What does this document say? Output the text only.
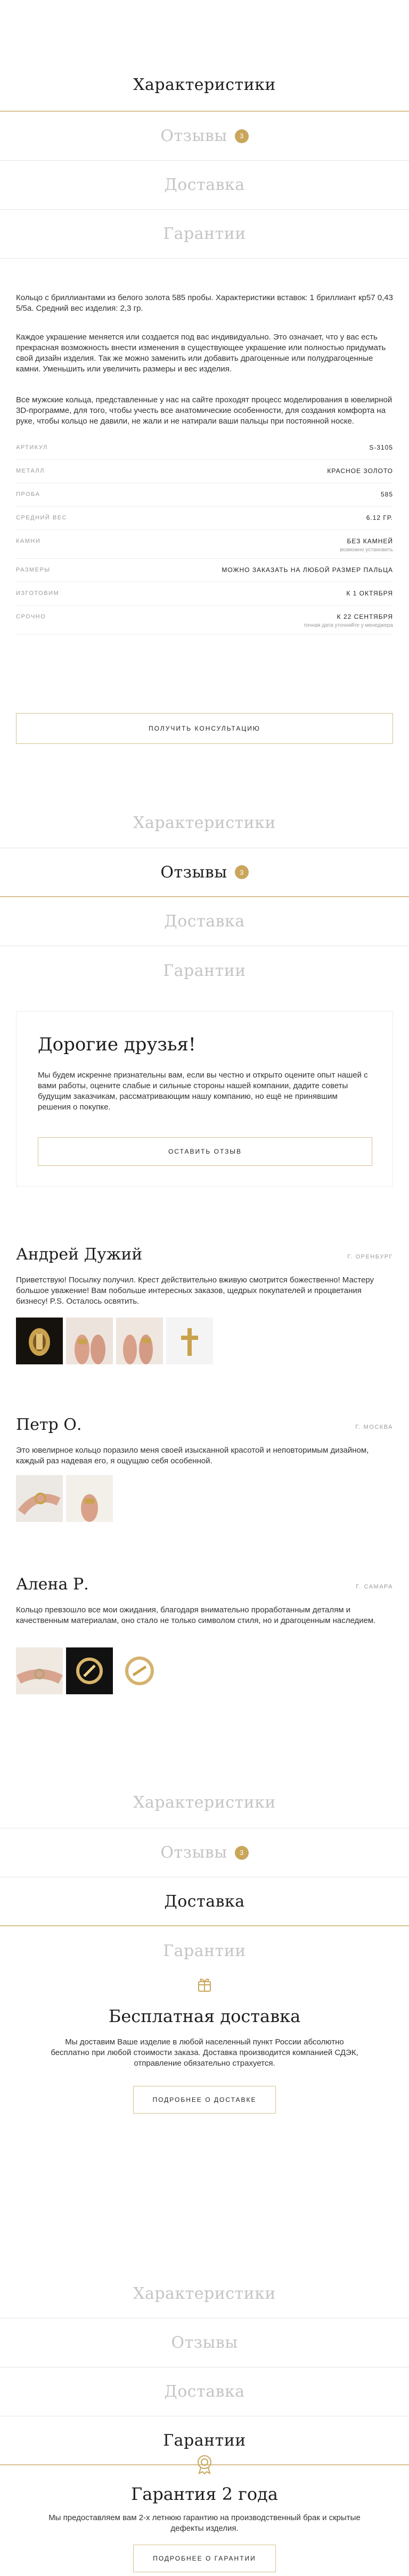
Характеристики
Отзывы	3
Доставка
Гарантии

Кольцо с бриллиантами из белого золота 585 пробы. Характеристики вставок: 1 бриллиант кр57 0,43 5/5а. Средний вес изделия: 2,3 гр.

Каждое украшение меняется или создается под вас индивидуально. Это означает, что у вас есть прекрасная возможность внести изменения в существующее украшение или полностью придумать свой дизайн изделия. Так же можно заменить или добавить драгоценные или полудрагоценные камни. Уменьшить или увеличить размеры и вес изделия.

Все мужские кольца, представленные у нас на сайте проходят процесс моделирования в ювелирной 3D-программе, для того, чтобы учесть все анатомические особенности, для создания комфорта на руке, чтобы кольцо не давили, не жали и не натирали ваши пальцы при постоянной носке.

АРТИКУЛ	S-3105
МЕТАЛЛ	КРАСНОЕ ЗОЛОТО
ПРОБА	585
СРЕДНИЙ ВЕС	6.12 ГР.
КАМНИ	БЕЗ КАМНЕЙ
возможно установить
РАЗМЕРЫ	МОЖНО ЗАКАЗАТЬ НА ЛЮБОЙ РАЗМЕР ПАЛЬЦА
ИЗГОТОВИМ	К 1 ОКТЯБРЯ
СРОЧНО	К 22 СЕНТЯБРЯ
точная дата уточняйте у менеджера
ПОЛУЧИТЬ КОНСУЛЬТАЦИЮ
Характеристики
Отзывы	3
Доставка
Гарантии
Дорогие друзья!

Мы будем искренне признательны вам, если вы честно и открыто оцените опыт нашей с вами работы, оцените слабые и сильные стороны нашей компании, дадите советы будущим заказчикам, рассматривающим нашу компанию, но ещё не принявшим решения о покупке.

ОСТАВИТЬ ОТЗЫВ
Андрей Дужий	Г. ОРЕНБУРГ

Приветствую! Посылку получил. Крест действительно вживую смотрится божественно! Мастеру большое уважение! Вам побольше интересных заказов, щедрых покупателей и процветания бизнесу! P.S. Осталось освятить.

Петр О.	Г. МОСКВА

Это ювелирное кольцо поразило меня своей изысканной красотой и неповторимым дизайном, каждый раз надевая его, я ощущаю себя особенной.

Алена Р.	Г. САМАРА

Кольцо превзошло все мои ожидания, благодаря внимательно проработанным деталям и качественным материалам, оно стало не только символом стиля, но и драгоценным наследием.

Характеристики
Отзывы	3
Доставка
Гарантии
Бесплатная доставка

Мы доставим Ваше изделие в любой населенный пункт России абсолютно бесплатно при любой стоимости заказа. Доставка производится компанией СДЭК, отправление обязательно страхуется.

ПОДРОБНЕЕ О ДОСТАВКЕ
Характеристики
Отзывы
Доставка
Гарантии
Гарантия 2 года

Мы предоставляем вам 2-х летнюю гарантию на производственный брак и скрытые дефекты изделия.

ПОДРОБНЕЕ О ГАРАНТИИ
